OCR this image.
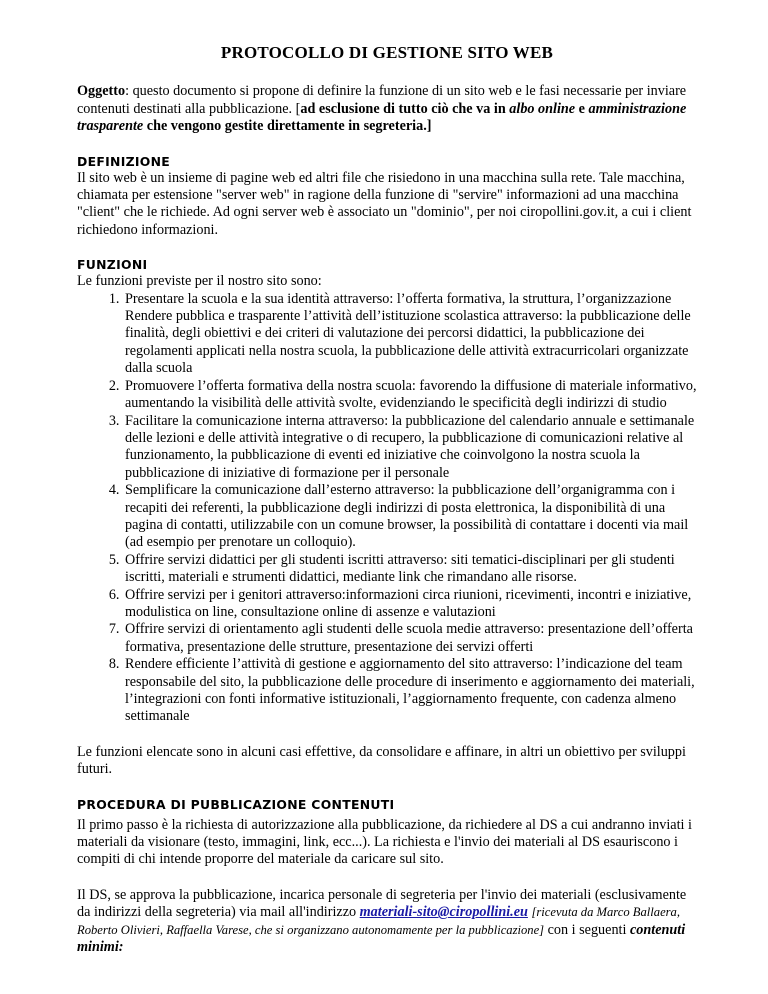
PROTOCOLLO DI GESTIONE SITO WEB

Oggetto: questo documento si propone di definire la funzione di un sito web e le fasi necessarie per inviare contenuti destinati alla pubblicazione. [ad esclusione di tutto ciò che va in albo online e amministrazione trasparente che vengono gestite direttamente in segreteria.]

DEFINIZIONE

Il sito web è un insieme di pagine web ed altri file che risiedono in una macchina sulla rete. Tale macchina, chiamata per estensione "server web" in ragione della funzione di "servire" informazioni ad una macchina "client" che le richiede. Ad ogni server web è associato un "dominio", per noi ciropollini.gov.it, a cui i client richiedono informazioni.

FUNZIONI

Le funzioni previste per il nostro sito sono:

1. Presentare la scuola e la sua identità attraverso: l’offerta formativa, la struttura, l’organizzazione Rendere pubblica e trasparente l’attività dell’istituzione scolastica attraverso: la pubblicazione delle finalità, degli obiettivi e dei criteri di valutazione dei percorsi didattici, la pubblicazione dei regolamenti applicati nella nostra scuola, la pubblicazione delle attività extracurricolari organizzate dalla scuola
2. Promuovere l’offerta formativa della nostra scuola: favorendo la diffusione di materiale informativo, aumentando la visibilità delle attività svolte, evidenziando le specificità degli indirizzi di studio
3. Facilitare la comunicazione interna attraverso: la pubblicazione del calendario annuale e settimanale delle lezioni e delle attività integrative o di recupero, la pubblicazione di comunicazioni relative al funzionamento, la pubblicazione di eventi ed iniziative che coinvolgono la nostra scuola la pubblicazione di iniziative di formazione per il personale
4. Semplificare la comunicazione dall’esterno attraverso: la pubblicazione dell’organigramma con i recapiti dei referenti, la pubblicazione degli indirizzi di posta elettronica, la disponibilità di una pagina di contatti, utilizzabile con un comune browser, la possibilità di contattare i docenti via mail (ad esempio per prenotare un colloquio).
5. Offrire servizi didattici per gli studenti iscritti attraverso: siti tematici-disciplinari per gli studenti iscritti, materiali e strumenti didattici, mediante link che rimandano alle risorse.
6. Offrire servizi per i genitori attraverso:informazioni circa riunioni, ricevimenti, incontri e iniziative, modulistica on line, consultazione online di assenze e valutazioni
7. Offrire servizi di orientamento agli studenti delle scuola medie attraverso: presentazione dell’offerta formativa, presentazione delle strutture, presentazione dei servizi offerti
8. Rendere efficiente l’attività di gestione e aggiornamento del sito attraverso: l’indicazione del team responsabile del sito, la pubblicazione delle procedure di inserimento e aggiornamento dei materiali, l’integrazioni con fonti informative istituzionali, l’aggiornamento frequente, con cadenza almeno settimanale

Le funzioni elencate sono in alcuni casi effettive, da consolidare e affinare, in altri un obiettivo per sviluppi futuri.

PROCEDURA DI PUBBLICAZIONE CONTENUTI

Il primo passo è la richiesta di autorizzazione alla pubblicazione, da richiedere al DS a cui andranno inviati i materiali da visionare (testo, immagini, link, ecc...). La richiesta e l'invio dei materiali al DS esauriscono i compiti di chi intende proporre del materiale da caricare sul sito.

Il DS, se approva la pubblicazione, incarica personale di segreteria per l'invio dei materiali (esclusivamente da indirizzi della segreteria) via mail all'indirizzo materiali-sito@ciropollini.eu [ricevuta da Marco Ballaera, Roberto Olivieri, Raffaella Varese, che si organizzano autonomamente per la pubblicazione] con i seguenti contenuti minimi:
